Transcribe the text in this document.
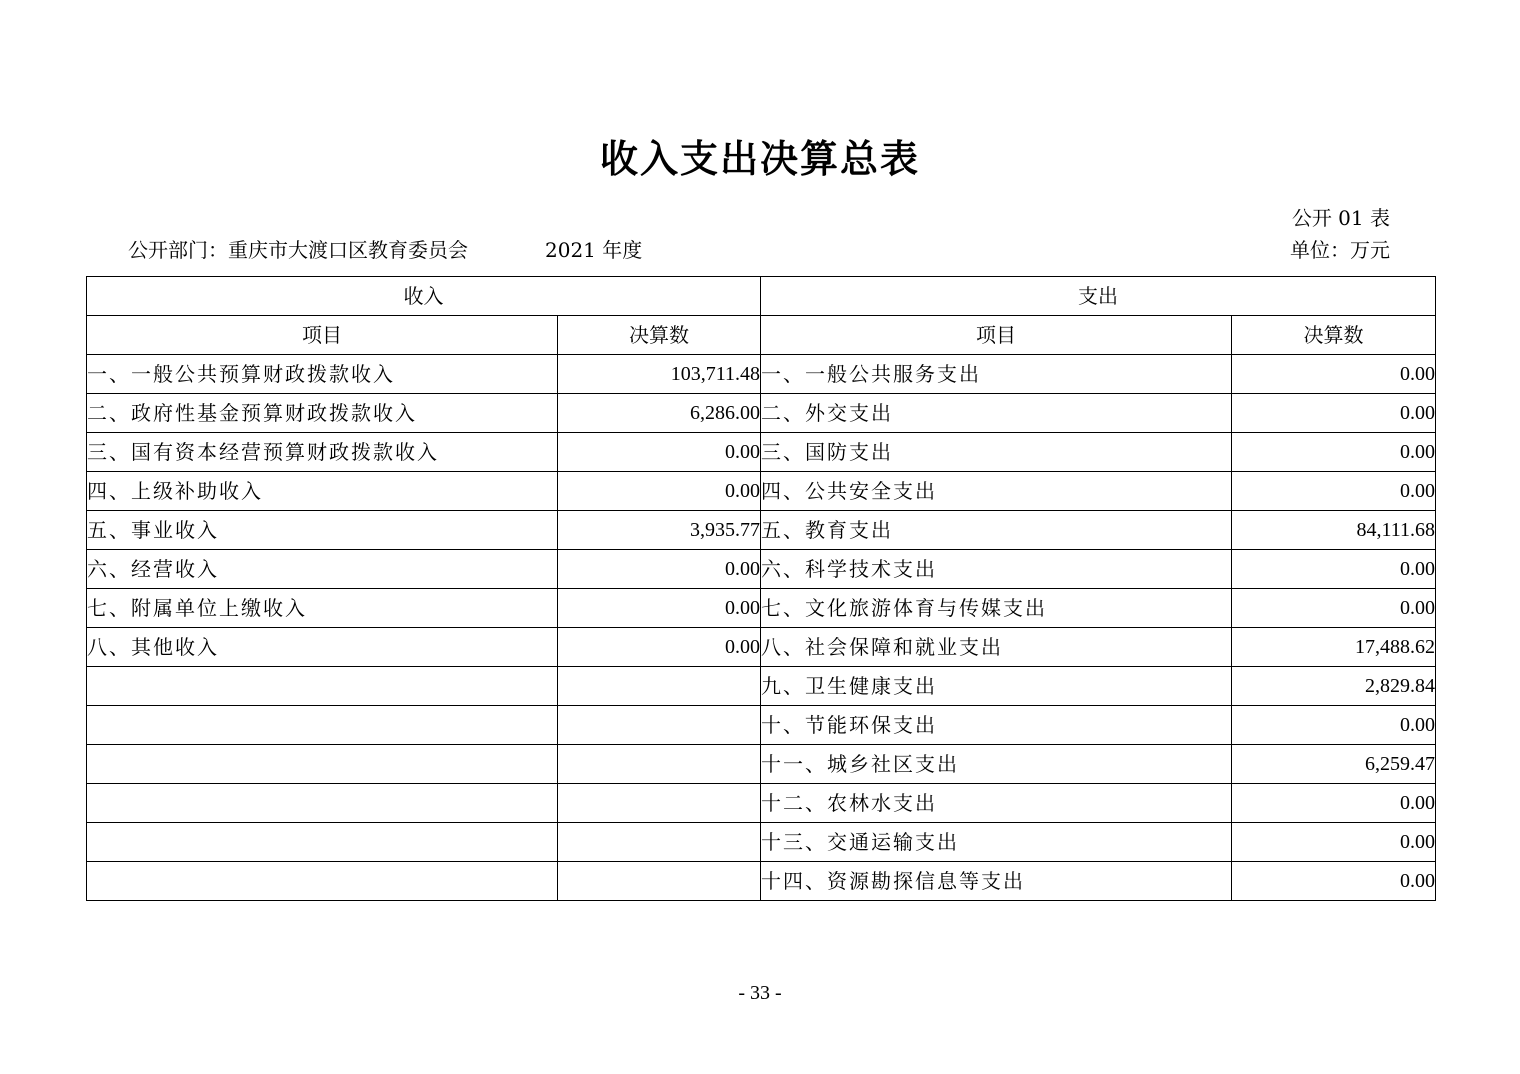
收入支出决算总表
公开 01 表
公开部门：重庆市大渡口区教育委员会	2021 年度	单位：万元
收入		支出	
项目	决算数	项目	决算数
一、一般公共预算财政拨款收入	103,711.48	一、一般公共服务支出	0.00
二、政府性基金预算财政拨款收入	6,286.00	二、外交支出	0.00
三、国有资本经营预算财政拨款收入	0.00	三、国防支出	0.00
四、上级补助收入	0.00	四、公共安全支出	0.00
五、事业收入	3,935.77	五、教育支出	84,111.68
六、经营收入	0.00	六、科学技术支出	0.00
七、附属单位上缴收入	0.00	七、文化旅游体育与传媒支出	0.00
八、其他收入	0.00	八、社会保障和就业支出	17,488.62
		九、卫生健康支出	2,829.84
		十、节能环保支出	0.00
		十一、城乡社区支出	6,259.47
		十二、农林水支出	0.00
		十三、交通运输支出	0.00
		十四、资源勘探信息等支出	0.00
- 33 -
